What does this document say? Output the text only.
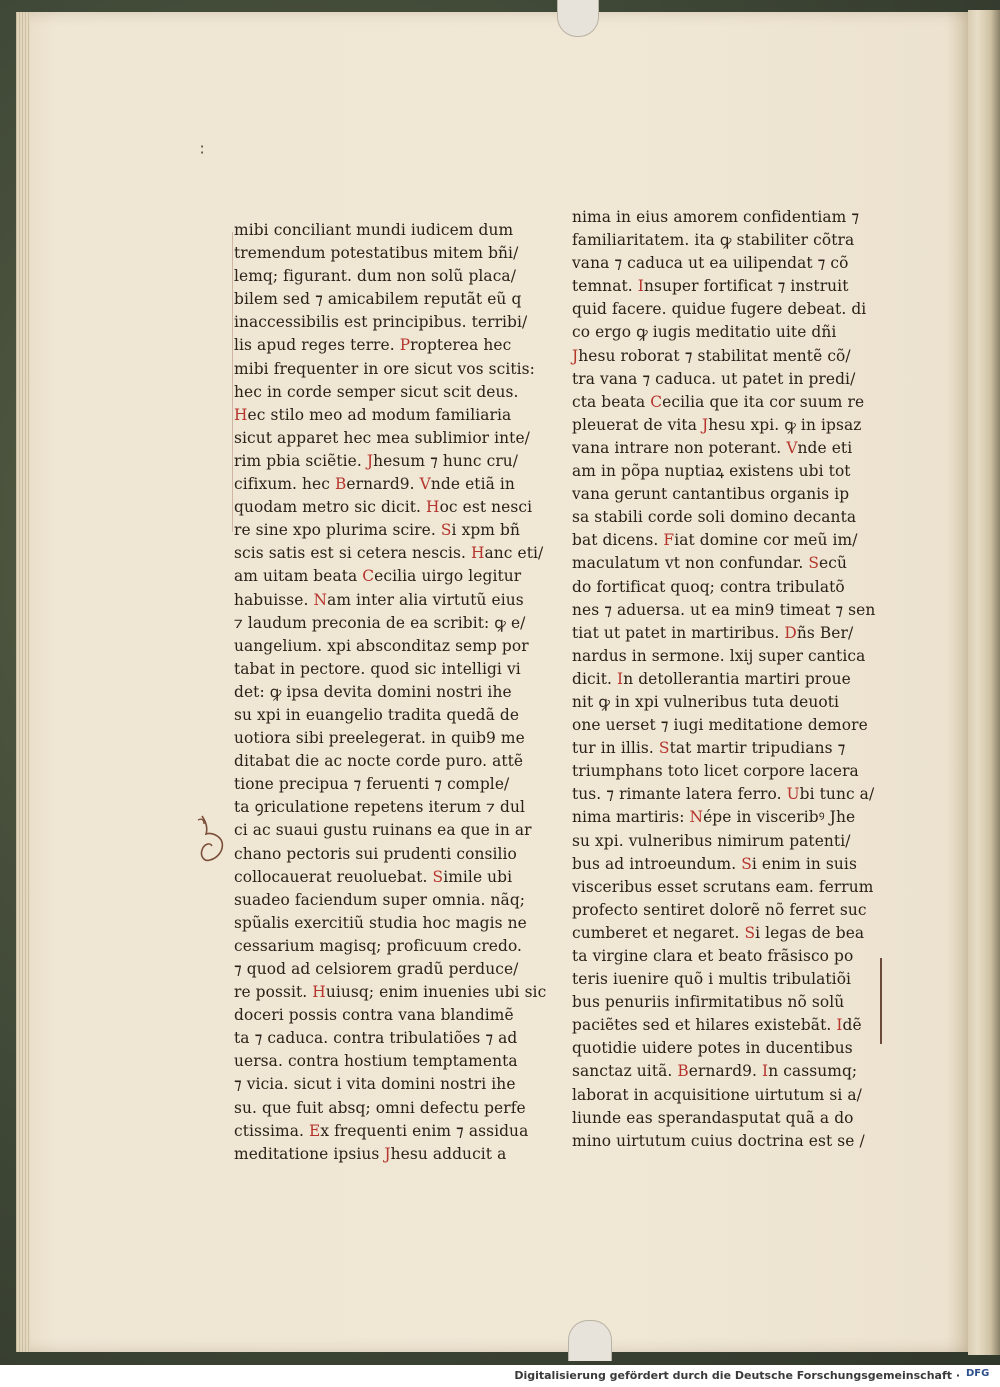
∶
mibi conciliant mundi iudicem dum
tremendum potestatibus mitem bñi/
lemq; figurant. dum non solũ placa/
bilem sed ⁊ amicabilem reputãt eũ q
inaccessibilis est principibus. terribi/
lis apud reges terre. Propterea hec
mibi frequenter in ore sicut vos scitis:
hec in corde semper sicut scit deus.
Hec stilo meo ad modum familiaria
sicut apparet hec mea sublimior inte/
rim pbia sciẽtie. Jhesum ⁊ hunc cru/
cifixum. hec Bernard9. Vnde etiã in
quodam metro sic dicit. Hoc est nesci
re sine xpo plurima scire. Si xpm bñ
scis satis est si cetera nescis. Hanc eti/
am uitam beata Cecilia uirgo legitur
habuisse. Nam inter alia virtutũ eius
⁊ laudum preconia de ea scribit: ꝙ e/
uangelium. xpi absconditaz semp por
tabat in pectore. quod sic intelligi vi
det: ꝙ ipsa devita domini nostri ihe
su xpi in euangelio tradita quedã de
uotiora sibi preelegerat. in quib9 me
ditabat die ac nocte corde puro. attẽ
tione precipua ⁊ feruenti ⁊ comple/
ta ꝯriculatione repetens iterum ⁊ dul
ci ac suaui gustu ruinans ea que in ar
chano pectoris sui prudenti consilio
collocauerat reuoluebat. Simile ubi
suadeo faciendum super omnia. nãq;
spũalis exercitiũ studia hoc magis ne
cessarium magisq; proficuum credo.
⁊ quod ad celsiorem gradũ perduce/
re possit. Huiusq; enim inuenies ubi sic
doceri possis contra vana blandimẽ
ta ⁊ caduca. contra tribulatiões ⁊ ad
uersa. contra hostium temptamenta
⁊ vicia. sicut i vita domini nostri ihe
su. que fuit absq; omni defectu perfe
ctissima. Ex frequenti enim ⁊ assidua
meditatione ipsius Jhesu adducit a
nima in eius amorem confidentiam ⁊
familiaritatem. ita ꝙ stabiliter cõtra
vana ⁊ caduca ut ea uilipendat ⁊ cõ
temnat. Insuper fortificat ⁊ instruit
quid facere. quidue fugere debeat. di
co ergo ꝙ iugis meditatio uite dñi
Jhesu roborat ⁊ stabilitat mentẽ cõ/
tra vana ⁊ caduca. ut patet in predi/
cta beata Cecilia que ita cor suum re
pleuerat de vita Jhesu xpi. ꝙ in ipsaz
vana intrare non poterant. Vnde eti
am in põpa nuptiaꝝ existens ubi tot
vana gerunt cantantibus organis ip
sa stabili corde soli domino decanta
bat dicens. Fiat domine cor meũ im/
maculatum vt non confundar. Secũ
do fortificat quoq; contra tribulatõ
nes ⁊ aduersa. ut ea min9 timeat ⁊ sen
tiat ut patet in martiribus. Dñs Ber/
nardus in sermone. lxij super cantica
dicit. In detollerantia martiri proue
nit ꝙ in xpi vulneribus tuta deuoti
one uerset ⁊ iugi meditatione demore
tur in illis. Stat martir tripudians ⁊
triumphans toto licet corpore lacera
tus. ⁊ rimante latera ferro. Ubi tunc a/
nima martiris: Népe in visceribꝰ Jhe
su xpi. vulneribus nimirum patenti/
bus ad introeundum. Si enim in suis
visceribus esset scrutans eam. ferrum
profecto sentiret dolorẽ nõ ferret suc
cumberet et negaret. Si legas de bea
ta virgine clara et beato frãsisco po
teris iuenire quõ i multis tribulatiõi
bus penuriis infirmitatibus nõ solũ
paciẽtes sed et hilares existebãt. Idẽ
quotidie uidere potes in ducentibus
sanctaz uitã. Bernard9. In cassumq;
laborat in acquisitione uirtutum si a/
liunde eas sperandasputat quã a do
mino uirtutum cuius doctrina est se /
Digitalisierung gefördert durch die Deutsche Forschungsgemeinschaft · DFG
